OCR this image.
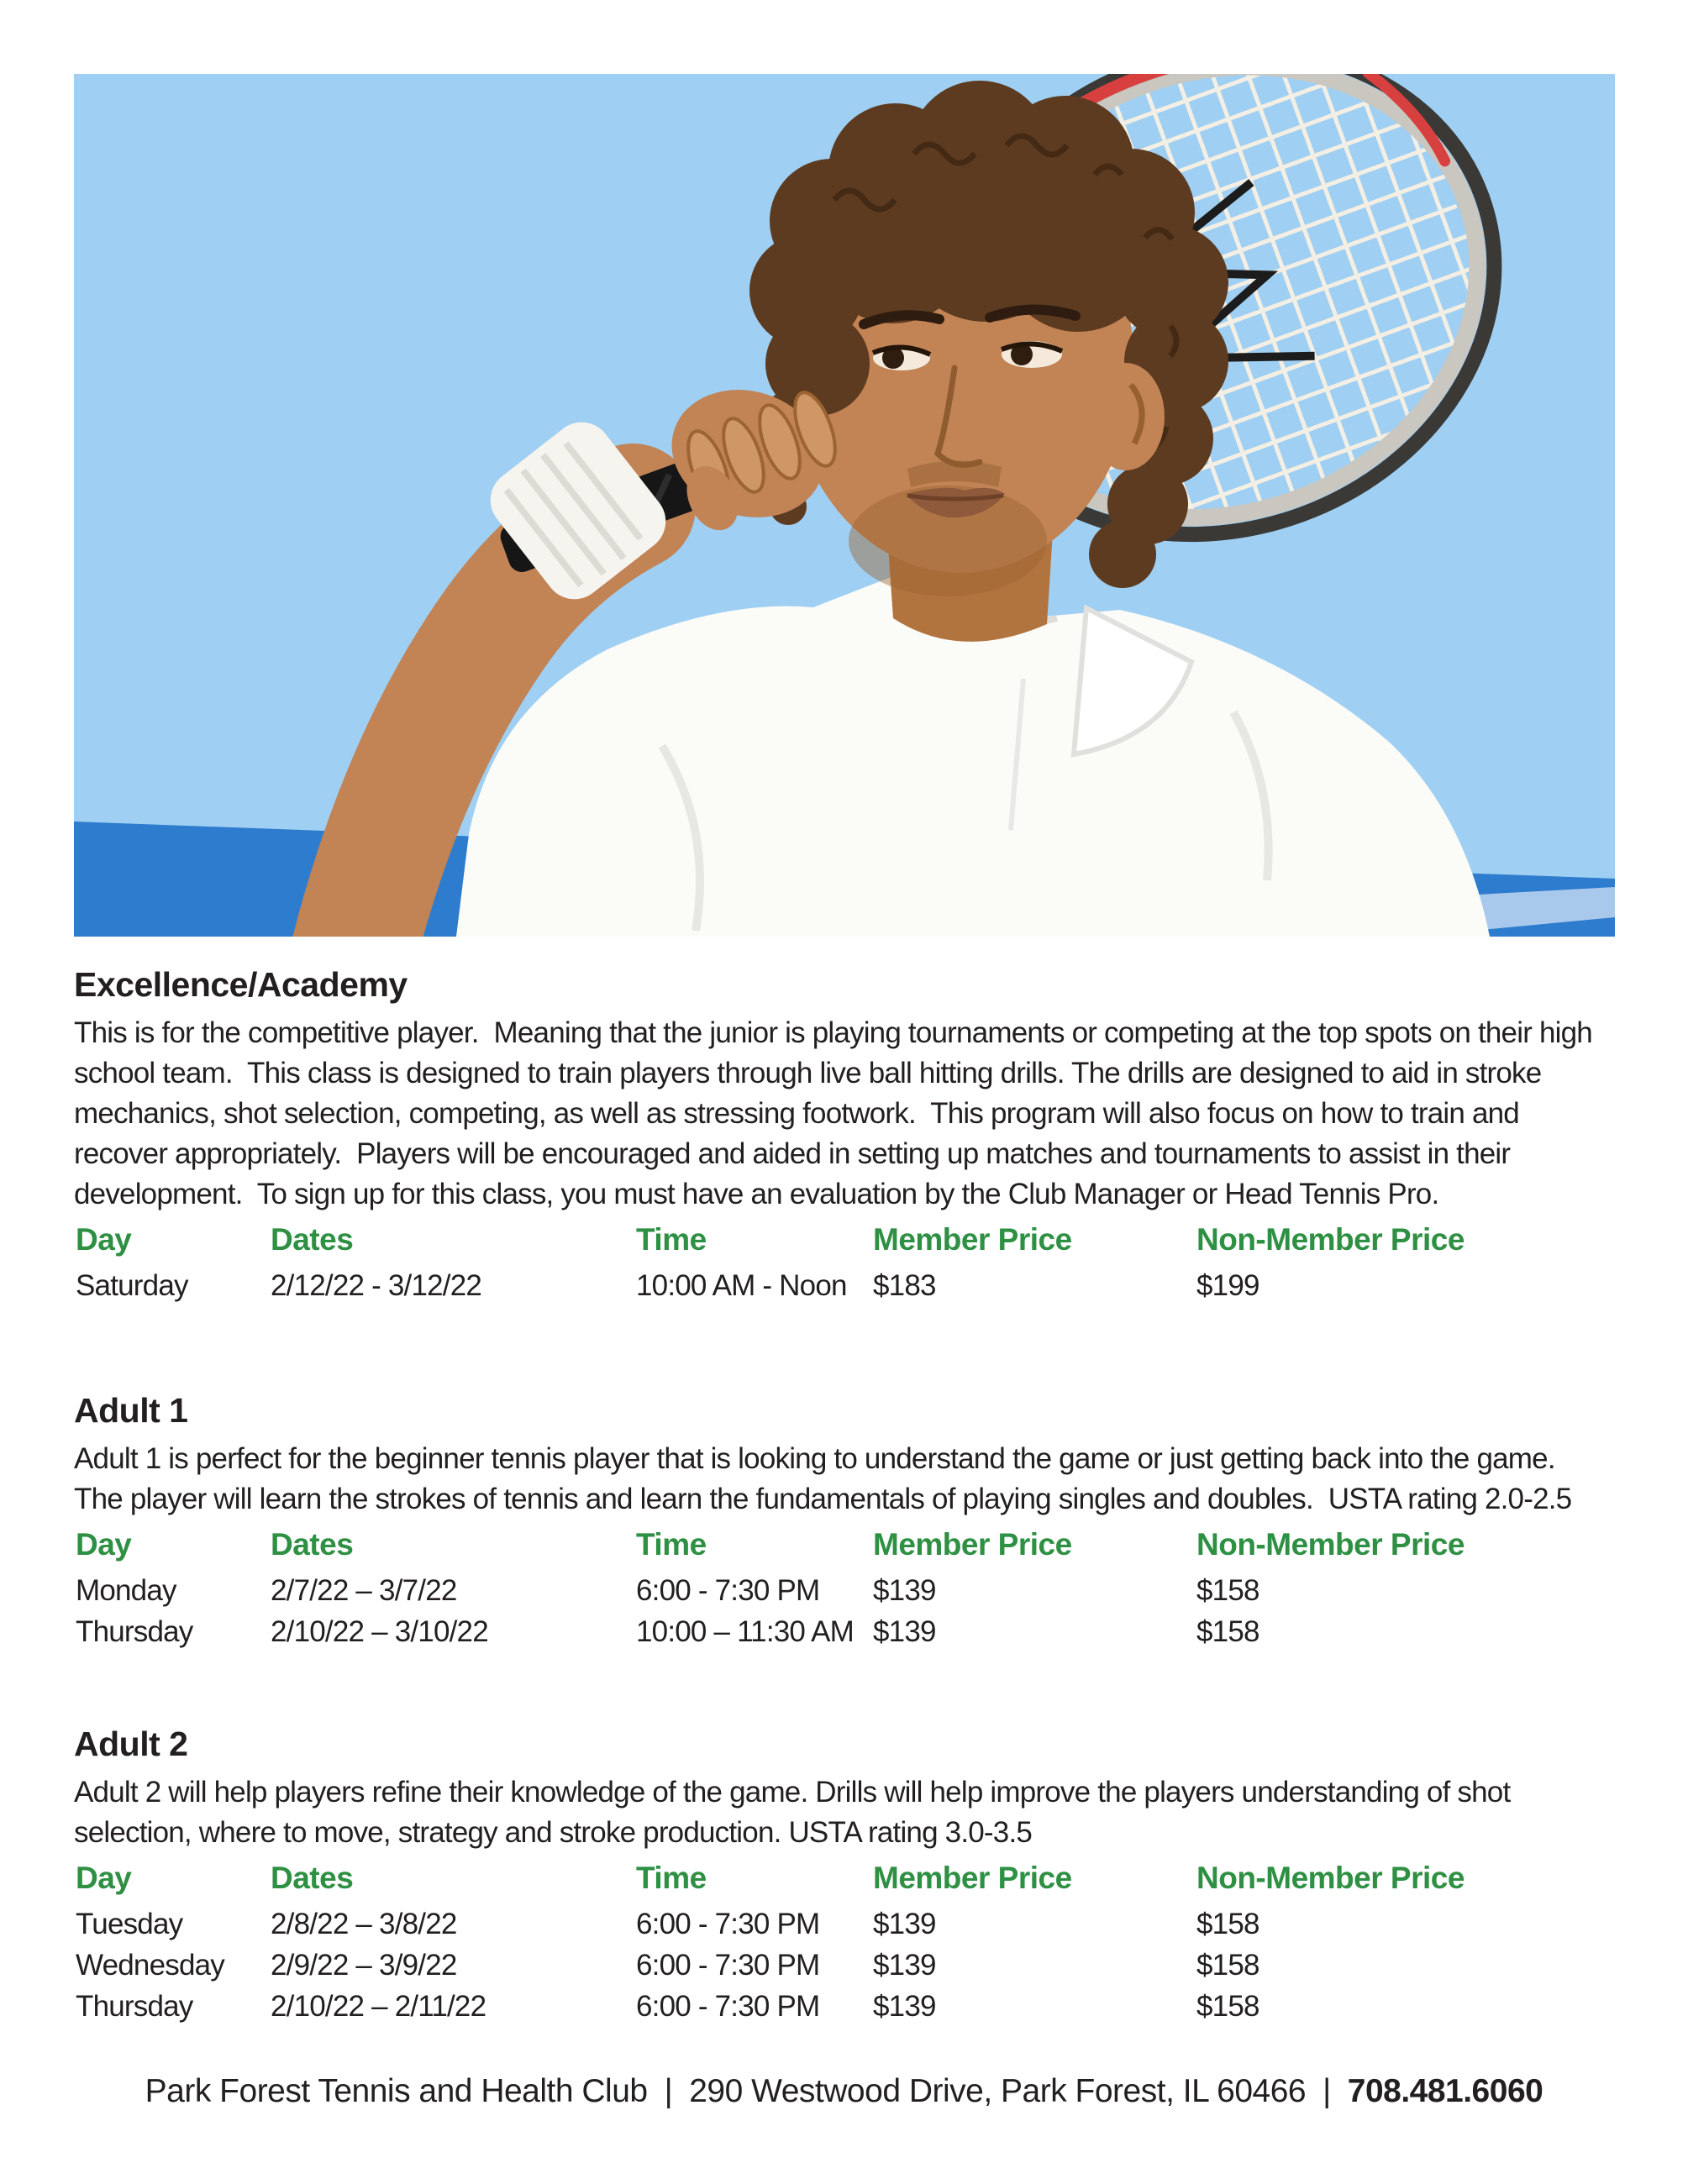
Excellence/Academy

This is for the competitive player.  Meaning that the junior is playing tournaments or competing at the top spots on their high school team.  This class is designed to train players through live ball hitting drills. The drills are designed to aid in stroke mechanics, shot selection, competing, as well as stressing footwork.  This program will also focus on how to train and recover appropriately.  Players will be encouraged and aided in setting up matches and tournaments to assist in their development.  To sign up for this class, you must have an evaluation by the Club Manager or Head Tennis Pro.

Day	Dates	Time	Member Price	Non-Member Price
Saturday	2/12/22 - 3/12/22	10:00 AM - Noon $183	$199
Adult 1

Adult 1 is perfect for the beginner tennis player that is looking to understand the game or just getting back into the game.  The player will learn the strokes of tennis and learn the fundamentals of playing singles and doubles.  USTA rating 2.0-2.5

Day	Dates	Time	Member Price	Non-Member Price
Monday	2/7/22 – 3/7/22	6:00 - 7:30 PM	$139	$158
Thursday	2/10/22 – 3/10/22	10:00 – 11:30 AM $139	$158
Adult 2

Adult 2 will help players refine their knowledge of the game. Drills will help improve the players understanding of shot selection, where to move, strategy and stroke production. USTA rating 3.0-3.5

Day	Dates	Time	Member Price	Non-Member Price
Tuesday	2/8/22 – 3/8/22	6:00 - 7:30 PM	$139	$158
Wednesday	2/9/22 – 3/9/22	6:00 - 7:30 PM	$139	$158
Thursday	2/10/22 – 2/11/22	6:00 - 7:30 PM	$139	$158
Park Forest Tennis and Health Club | 290 Westwood Drive, Park Forest, IL 60466 | 708.481.6060
